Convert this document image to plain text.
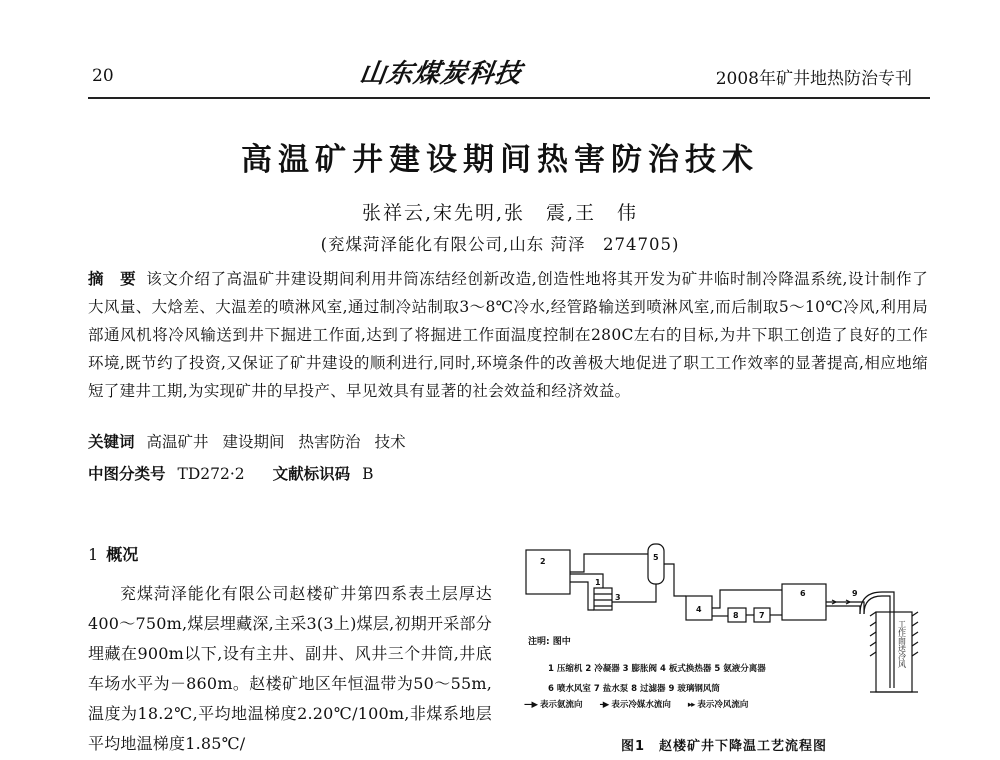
20	山东煤炭科技	2008年矿井地热防治专刊
高温矿井建设期间热害防治技术
张祥云,宋先明,张　震,王　伟
(兖煤菏泽能化有限公司,山东 菏泽　274705)
摘　要 该文介绍了高温矿井建设期间利用井筒冻结经创新改造,创造性地将其开发为矿井临时制冷降温系统,设计制作了大风量、大焓差、大温差的喷淋风室,通过制冷站制取3～8℃冷水,经管路输送到喷淋风室,而后制取5～10℃冷风,利用局部通风机将冷风输送到井下掘进工作面,达到了将掘进工作面温度控制在280C左右的目标,为井下职工创造了良好的工作环境,既节约了投资,又保证了矿井建设的顺利进行,同时,环境条件的改善极大地促进了职工工作效率的显著提高,相应地缩短了建井工期,为实现矿井的早投产、早见效具有显著的社会效益和经济效益。
关键词 高温矿井 建设期间 热害防治 技术
中图分类号 TD272·2 文献标识码 B
1 概况
兖煤菏泽能化有限公司赵楼矿井第四系表土层厚达400～750m,煤层埋藏深,主采3(3上)煤层,初期开采部分埋藏在900m以下,设有主井、副井、风井三个井筒,井底车场水平为－860m。赵楼矿地区年恒温带为50～55m,温度为18.2℃,平均地温梯度2.20℃/100m,非煤系地层平均地温梯度1.85℃/
1
2
3
4
5
6
7
8
9
工作面送冷风
注明: 图中
1 压缩机 2 冷凝器 3 膨胀阀 4 板式换热器 5 氨液分离器
6 喷水风室 7 盐水泵 8 过滤器 9 玻璃钢风筒
—▶ 表示氨流向 –▶ 表示冷媒水流向 ▸▸ 表示冷风流向
图1　赵楼矿井下降温工艺流程图
